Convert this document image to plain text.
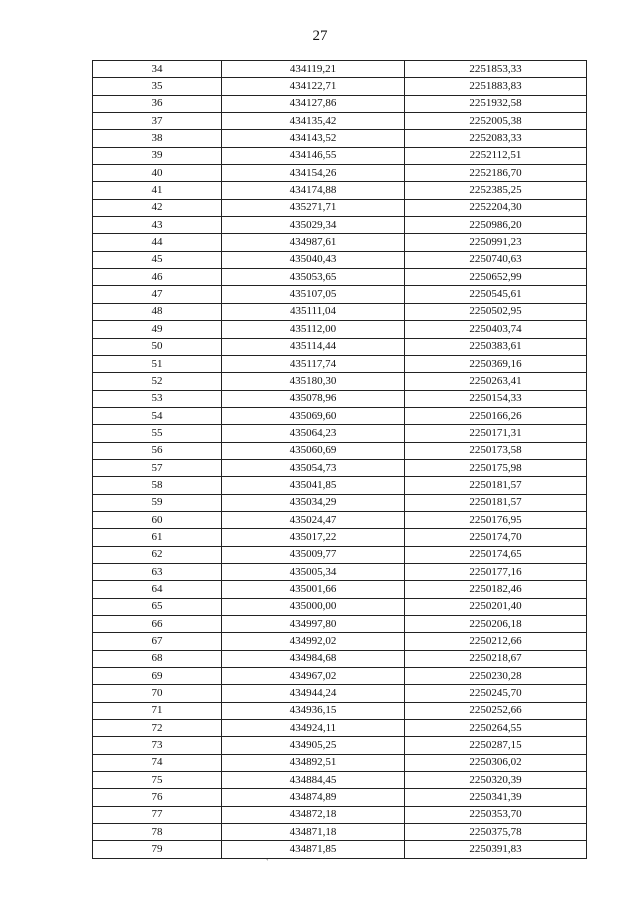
27
34	434119,21	2251853,33
35	434122,71	2251883,83
36	434127,86	2251932,58
37	434135,42	2252005,38
38	434143,52	2252083,33
39	434146,55	2252112,51
40	434154,26	2252186,70
41	434174,88	2252385,25
42	435271,71	2252204,30
43	435029,34	2250986,20
44	434987,61	2250991,23
45	435040,43	2250740,63
46	435053,65	2250652,99
47	435107,05	2250545,61
48	435111,04	2250502,95
49	435112,00	2250403,74
50	435114,44	2250383,61
51	435117,74	2250369,16
52	435180,30	2250263,41
53	435078,96	2250154,33
54	435069,60	2250166,26
55	435064,23	2250171,31
56	435060,69	2250173,58
57	435054,73	2250175,98
58	435041,85	2250181,57
59	435034,29	2250181,57
60	435024,47	2250176,95
61	435017,22	2250174,70
62	435009,77	2250174,65
63	435005,34	2250177,16
64	435001,66	2250182,46
65	435000,00	2250201,40
66	434997,80	2250206,18
67	434992,02	2250212,66
68	434984,68	2250218,67
69	434967,02	2250230,28
70	434944,24	2250245,70
71	434936,15	2250252,66
72	434924,11	2250264,55
73	434905,25	2250287,15
74	434892,51	2250306,02
75	434884,45	2250320,39
76	434874,89	2250341,39
77	434872,18	2250353,70
78	434871,18	2250375,78
79	434871,85	2250391,83
`
